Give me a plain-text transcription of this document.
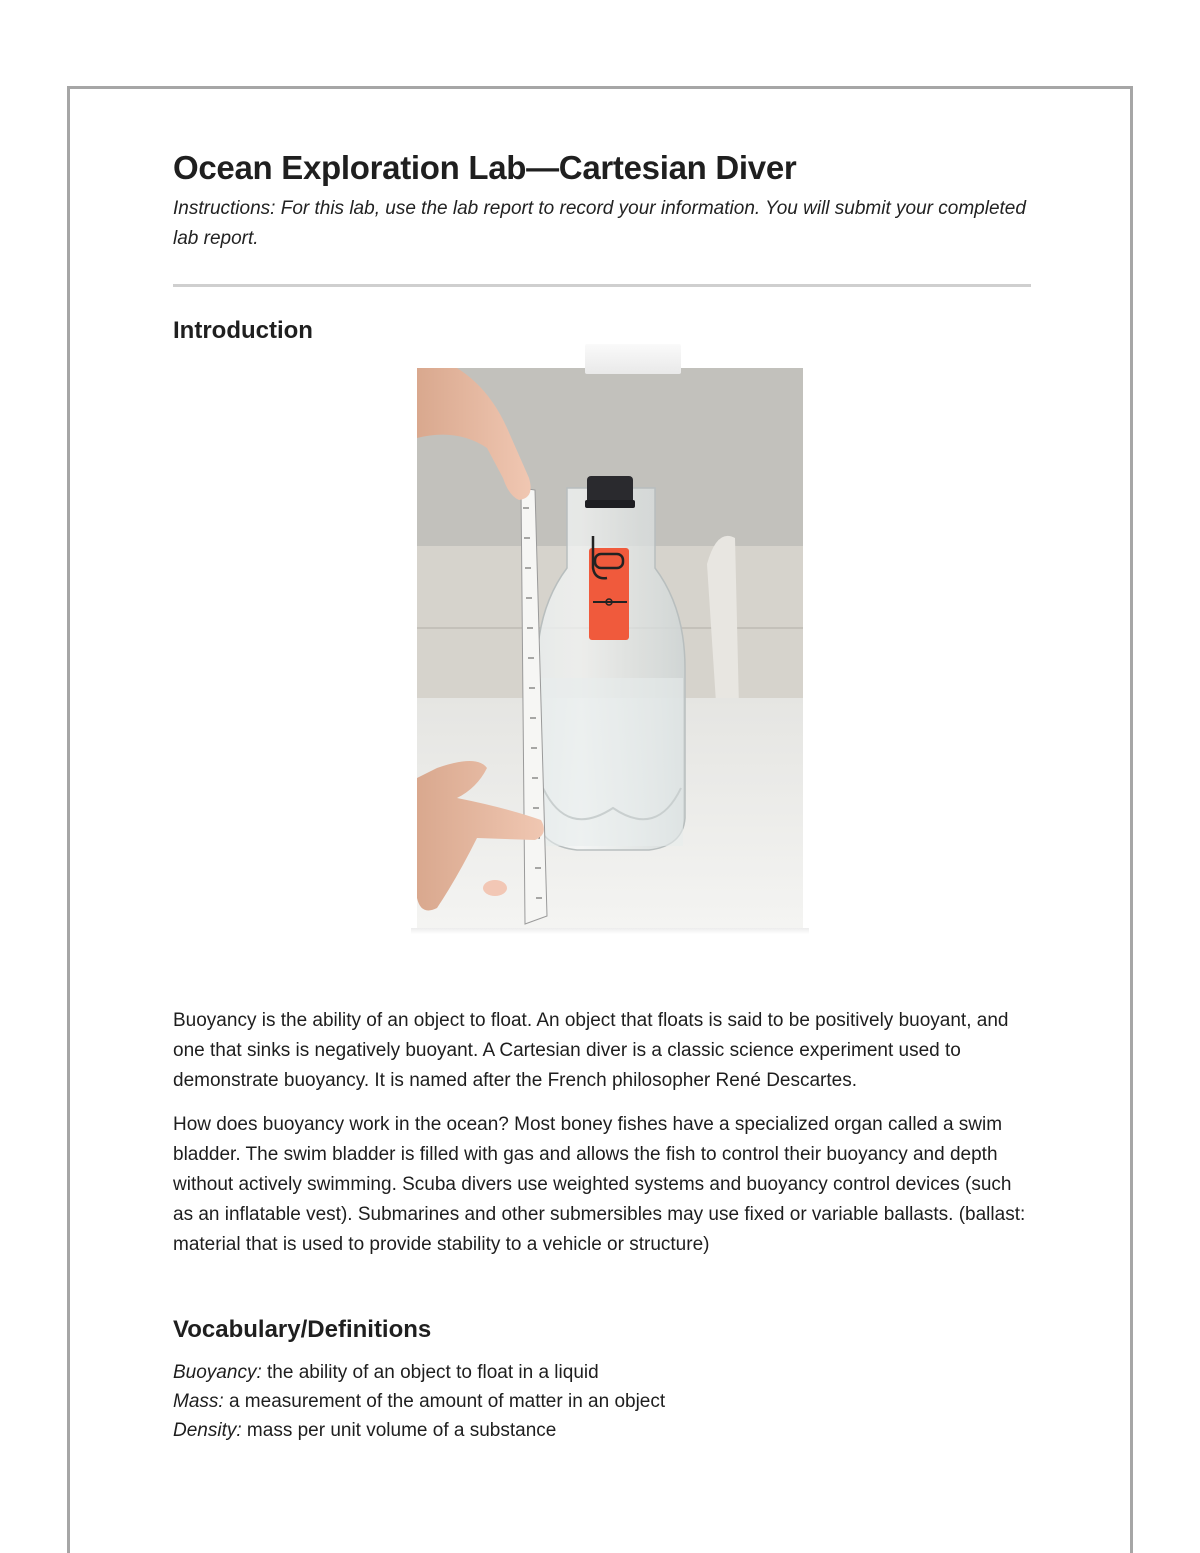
Ocean Exploration Lab—Cartesian Diver

Instructions: For this lab, use the lab report to record your information. You will submit your completed lab report.

Introduction

Buoyancy is the ability of an object to float. An object that floats is said to be positively buoyant, and one that sinks is negatively buoyant. A Cartesian diver is a classic science experiment used to demonstrate buoyancy. It is named after the French philosopher René Descartes.

How does buoyancy work in the ocean? Most boney fishes have a specialized organ called a swim bladder. The swim bladder is filled with gas and allows the fish to control their buoyancy and depth without actively swimming. Scuba divers use weighted systems and buoyancy control devices (such as an inflatable vest). Submarines and other submersibles may use fixed or variable ballasts. (ballast: material that is used to provide stability to a vehicle or structure)

Vocabulary/Definitions
Buoyancy: the ability of an object to float in a liquid
Mass: a measurement of the amount of matter in an object
Density: mass per unit volume of a substance
